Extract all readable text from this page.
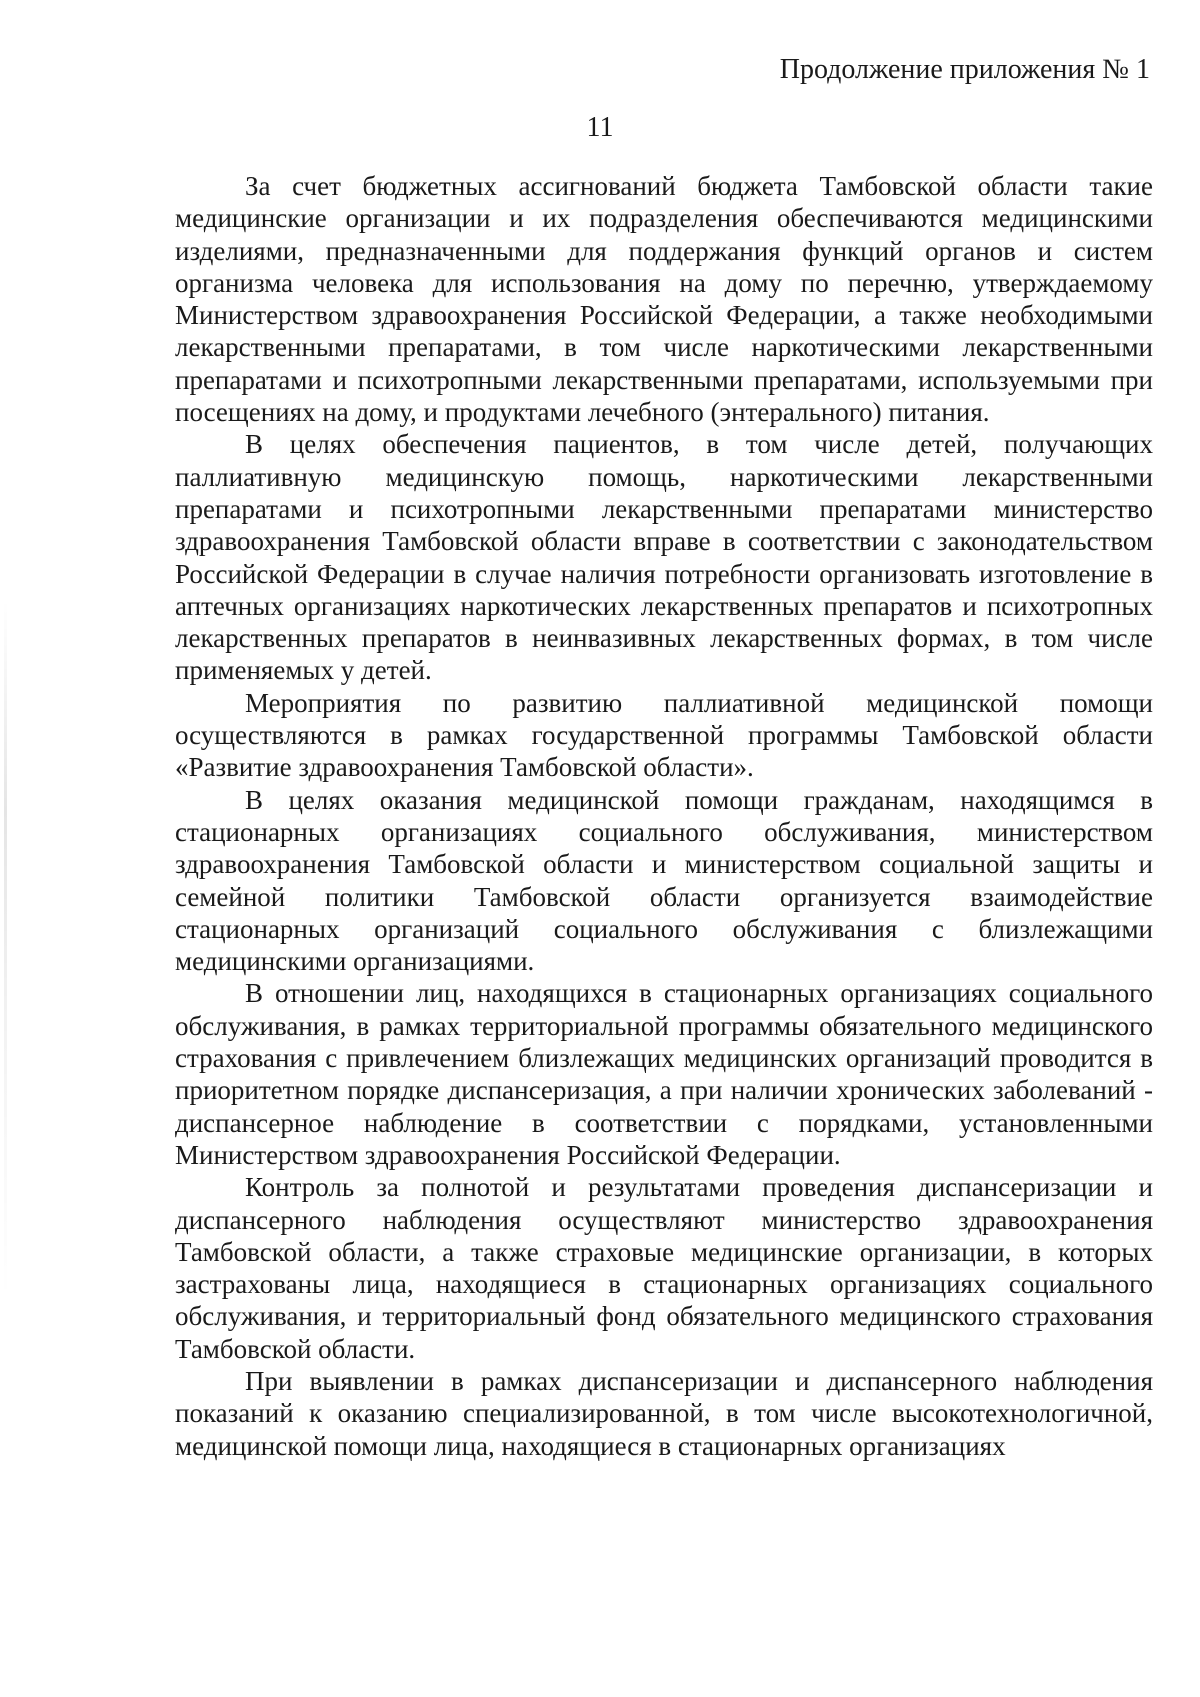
Продолжение приложения № 1
11

За счет бюджетных ассигнований бюджета Тамбовской области такие медицинские организации и их подразделения обеспечиваются медицинскими изделиями, предназначенными для поддержания функций органов и систем организма человека для использования на дому по перечню, утверждаемому Министерством здравоохранения Российской Федерации, а также необходимыми лекарственными препаратами, в том числе наркотическими лекарственными препаратами и психотропными лекарственными препаратами, используемыми при посещениях на дому, и продуктами лечебного (энтерального) питания.

В целях обеспечения пациентов, в том числе детей, получающих паллиативную медицинскую помощь, наркотическими лекарственными препаратами и психотропными лекарственными препаратами министерство здравоохранения Тамбовской области вправе в соответствии с законодательством Российской Федерации в случае наличия потребности организовать изготовление в аптечных организациях наркотических лекарственных препаратов и психотропных лекарственных препаратов в неинвазивных лекарственных формах, в том числе применяемых у детей.

Мероприятия по развитию паллиативной медицинской помощи осуществляются в рамках государственной программы Тамбовской области «Развитие здравоохранения Тамбовской области».

В целях оказания медицинской помощи гражданам, находящимся в стационарных организациях социального обслуживания, министерством здравоохранения Тамбовской области и министерством социальной защиты и семейной политики Тамбовской области организуется взаимодействие стационарных организаций социального обслуживания с близлежащими медицинскими организациями.

В отношении лиц, находящихся в стационарных организациях социального обслуживания, в рамках территориальной программы обязательного медицинского страхования с привлечением близлежащих медицинских организаций проводится в приоритетном порядке диспансеризация, а при наличии хронических заболеваний - диспансерное наблюдение в соответствии с порядками, установленными Министерством здравоохранения Российской Федерации.

Контроль за полнотой и результатами проведения диспансеризации и диспансерного наблюдения осуществляют министерство здравоохранения Тамбовской области, а также страховые медицинские организации, в которых застрахованы лица, находящиеся в стационарных организациях социального обслуживания, и территориальный фонд обязательного медицинского страхования Тамбовской области.

При выявлении в рамках диспансеризации и диспансерного наблюдения показаний к оказанию специализированной, в том числе высокотехнологичной, медицинской помощи лица, находящиеся в стационарных организациях
